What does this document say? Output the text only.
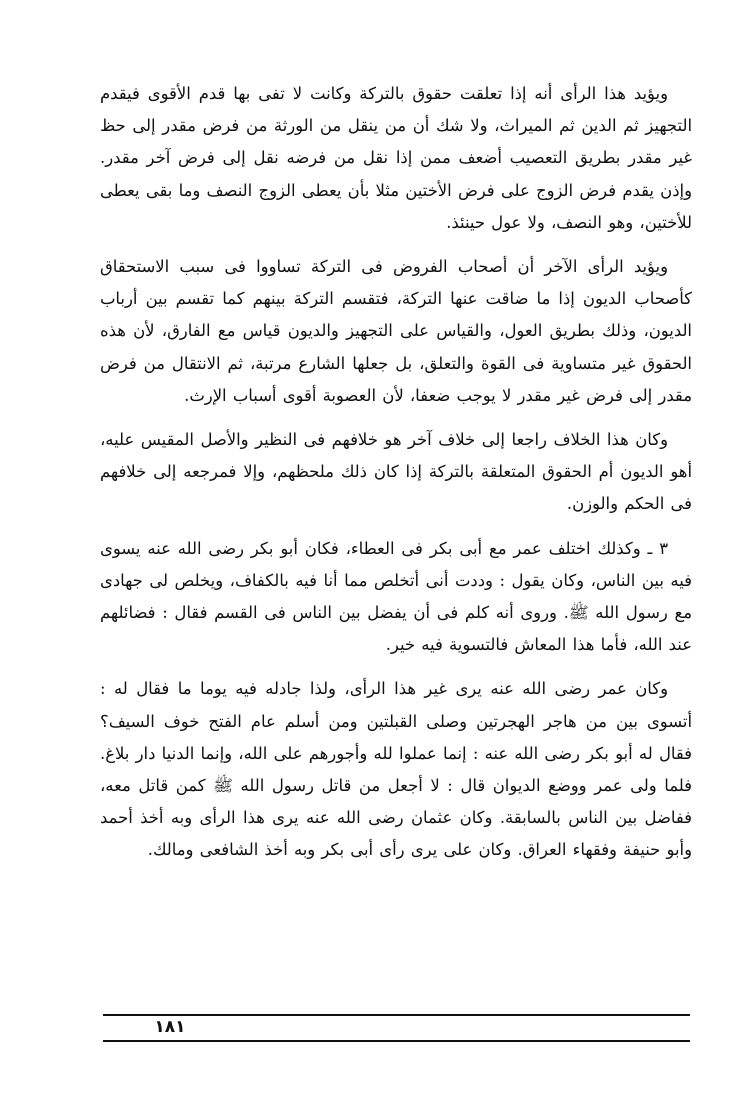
ويؤيد هذا الرأى أنه إذا تعلقت حقوق بالتركة وكانت لا تفى بها قدم الأقوى فيقدم التجهيز ثم الدين ثم الميراث، ولا شك أن من ينقل من الورثة من فرض مقدر إلى حظ غير مقدر بطريق التعصيب أضعف ممن إذا نقل من فرضه نقل إلى فرض آخر مقدر. وإذن يقدم فرض الزوج على فرض الأختين مثلا بأن يعطى الزوج النصف وما بقى يعطى للأختين، وهو النصف، ولا عول حينئذ.

ويؤيد الرأى الآخر أن أصحاب الفروض فى التركة تساووا فى سبب الاستحقاق كأصحاب الديون إذا ما ضاقت عنها التركة، فتقسم التركة بينهم كما تقسم بين أرباب الديون، وذلك بطريق العول، والقياس على التجهيز والديون قياس مع الفارق، لأن هذه الحقوق غير متساوية فى القوة والتعلق، بل جعلها الشارع مرتبة، ثم الانتقال من فرض مقدر إلى فرض غير مقدر لا يوجب ضعفا، لأن العصوبة أقوى أسباب الإرث.

وكان هذا الخلاف راجعا إلى خلاف آخر هو خلافهم فى النظير والأصل المقيس عليه، أهو الديون أم الحقوق المتعلقة بالتركة إذا كان ذلك ملحظهم، وإلا فمرجعه إلى خلافهم فى الحكم والوزن.

٣ ـ وكذلك اختلف عمر مع أبى بكر فى العطاء، فكان أبو بكر رضى الله عنه يسوى فيه بين الناس، وكان يقول : وددت أنى أتخلص مما أنا فيه بالكفاف، ويخلص لى جهادى مع رسول الله ﷺ. وروى أنه كلم فى أن يفضل بين الناس فى القسم فقال : فضائلهم عند الله، فأما هذا المعاش فالتسوية فيه خير.

وكان عمر رضى الله عنه يرى غير هذا الرأى، ولذا جادله فيه يوما ما فقال له : أتسوى بين من هاجر الهجرتين وصلى القبلتين ومن أسلم عام الفتح خوف السيف؟ فقال له أبو بكر رضى الله عنه : إنما عملوا لله وأجورهم على الله، وإنما الدنيا دار بلاغ. فلما ولى عمر ووضع الديوان قال : لا أجعل من قاتل رسول الله ﷺ كمن قاتل معه، ففاضل بين الناس بالسابقة. وكان عثمان رضى الله عنه يرى هذا الرأى وبه أخذ أحمد وأبو حنيفة وفقهاء العراق. وكان على يرى رأى أبى بكر وبه أخذ الشافعى ومالك.

١٨١
